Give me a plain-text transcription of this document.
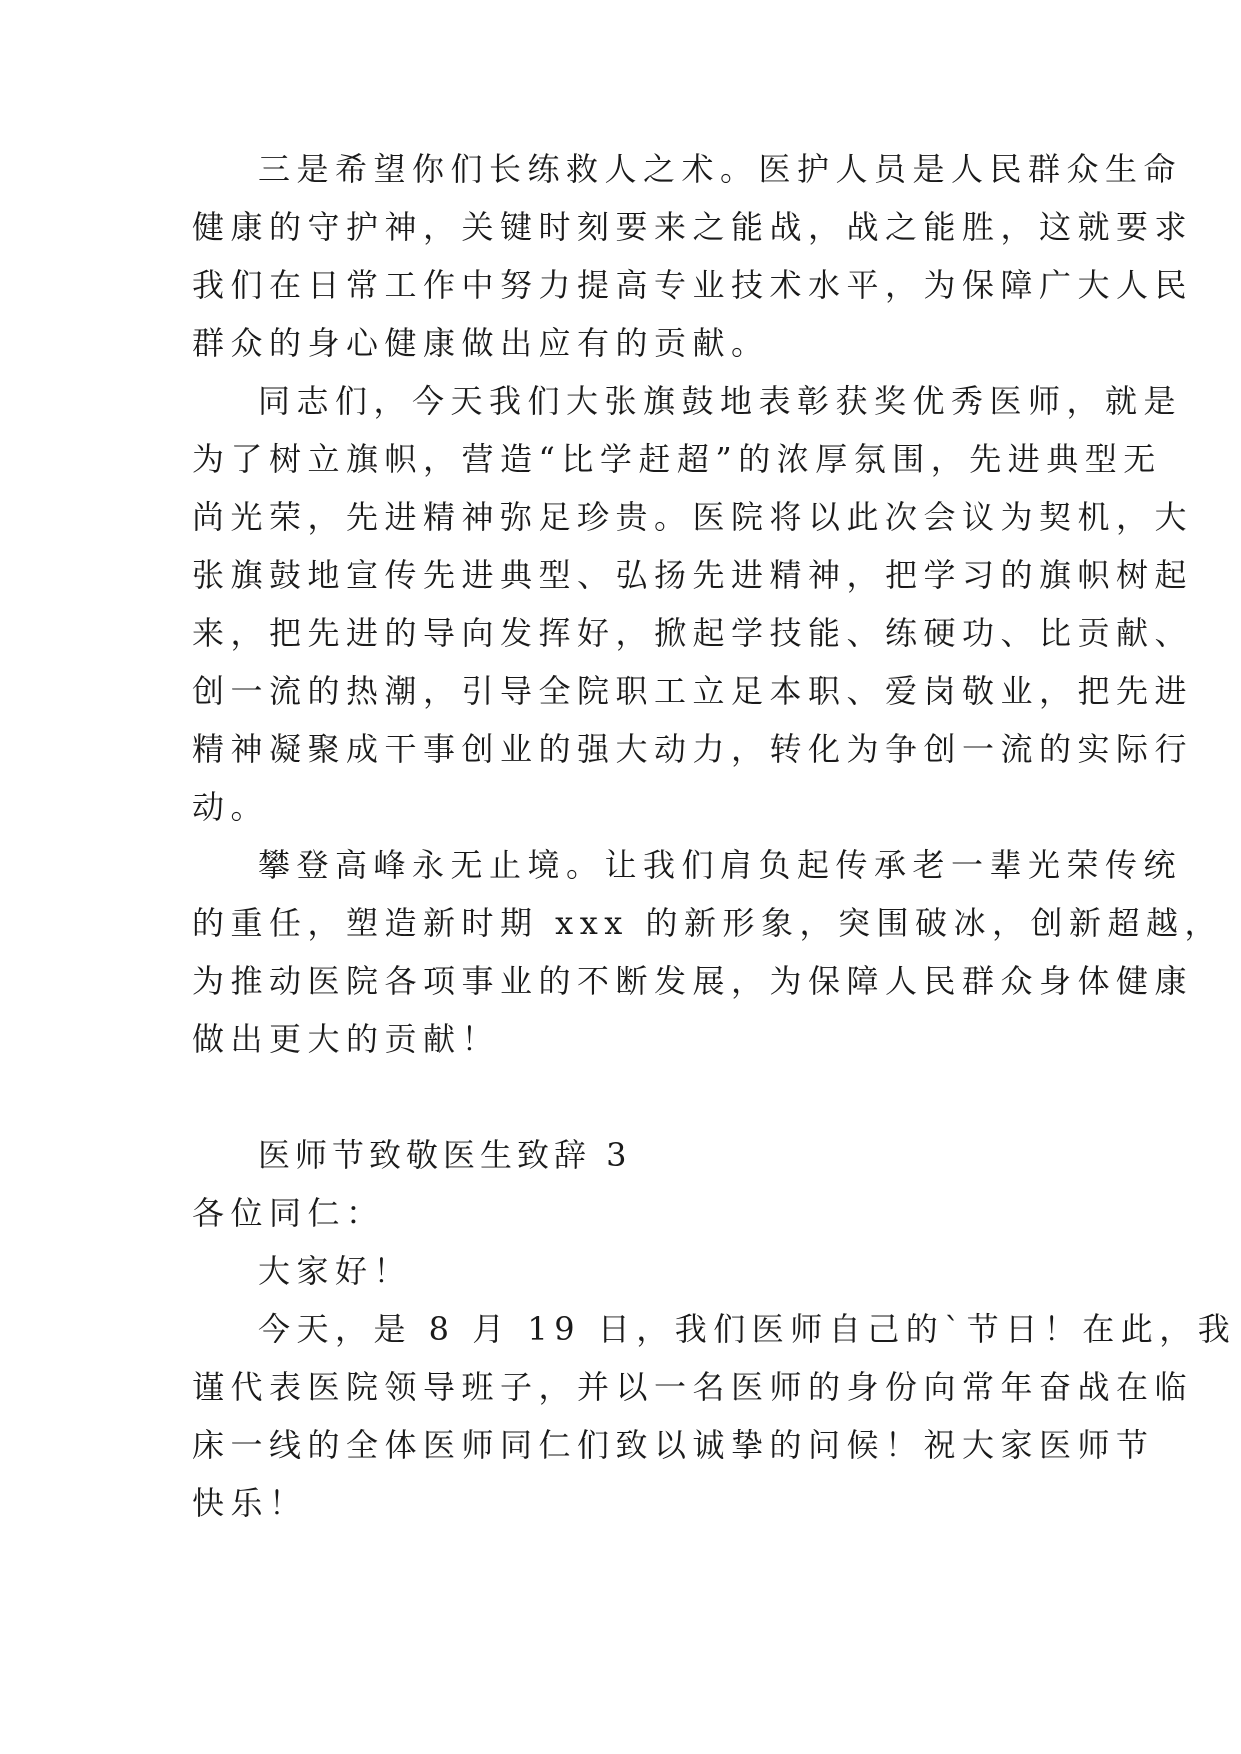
三是希望你们长练救人之术。医护人员是人民群众生命
健康的守护神，关键时刻要来之能战，战之能胜，这就要求
我们在日常工作中努力提高专业技术水平，为保障广大人民
群众的身心健康做出应有的贡献。
同志们，今天我们大张旗鼓地表彰获奖优秀医师，就是
为了树立旗帜，营造“比学赶超”的浓厚氛围，先进典型无
尚光荣，先进精神弥足珍贵。医院将以此次会议为契机，大
张旗鼓地宣传先进典型、弘扬先进精神，把学习的旗帜树起
来，把先进的导向发挥好，掀起学技能、练硬功、比贡献、
创一流的热潮，引导全院职工立足本职、爱岗敬业，把先进
精神凝聚成干事创业的强大动力，转化为争创一流的实际行
动。
攀登高峰永无止境。让我们肩负起传承老一辈光荣传统
的重任，塑造新时期 xxx 的新形象，突围破冰，创新超越，
为推动医院各项事业的不断发展，为保障人民群众身体健康
做出更大的贡献！
医师节致敬医生致辞 3
各位同仁：
大家好！
今天，是 8 月 19 日，我们医师自己的`节日！在此，我
谨代表医院领导班子，并以一名医师的身份向常年奋战在临
床一线的全体医师同仁们致以诚挚的问候！祝大家医师节
快乐！
